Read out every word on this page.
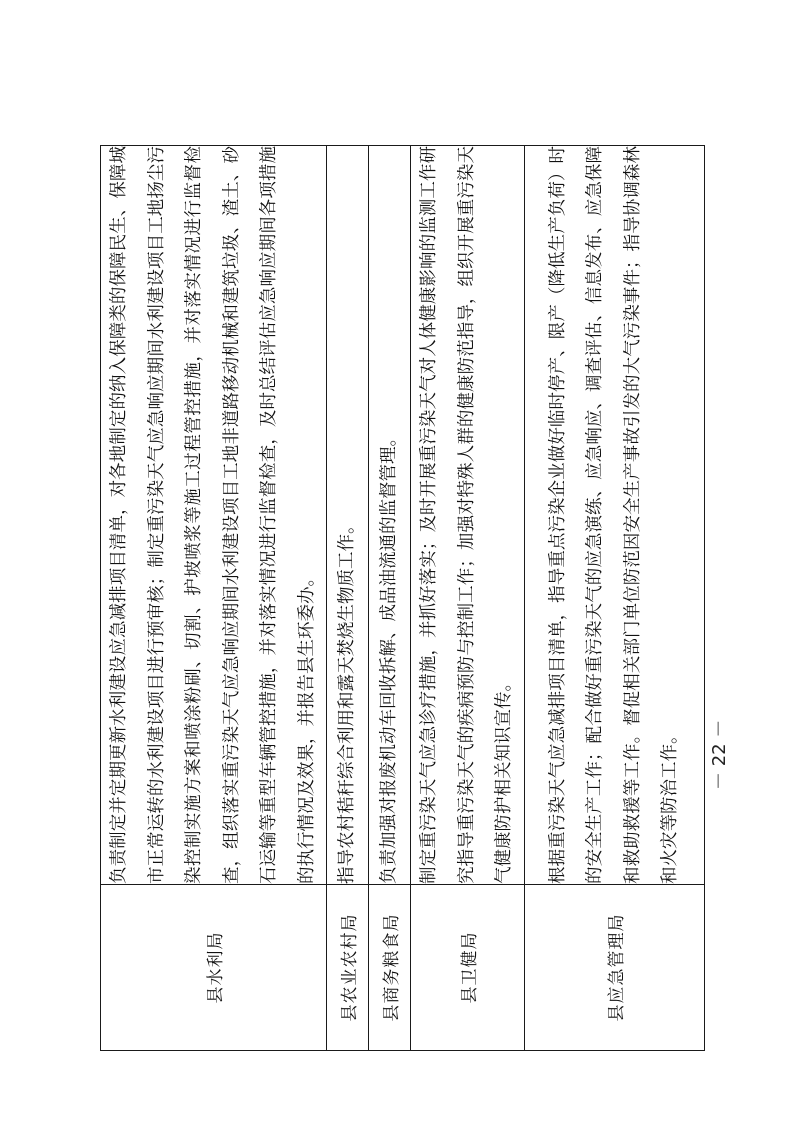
县水利局	负责制定并定期更新水利建设应急减排项目清单，对各地制定的纳入保障类的保障民生、保障城市正常运转的水利建设项目进行预审核；制定重污染天气应急响应期间水利建设项目工地扬尘污染控制实施方案和喷涂粉刷、切割、护坡喷浆等施工过程管控措施，并对落实情况进行监督检查，组织落实重污染天气应急响应期间水利建设项目工地非道路移动机械和建筑垃圾、渣土、砂石运输等重型车辆管控措施，并对落实情况进行监督检查，及时总结评估应急响应期间各项措施的执行情况及效果，并报告县生环委办。
县农业农村局	指导农村秸秆综合利用和露天焚烧生物质工作。
县商务粮食局	负责加强对报废机动车回收拆解、成品油流通的监督管理。
县卫健局	制定重污染天气应急诊疗措施，并抓好落实；及时开展重污染天气对人体健康影响的监测工作研究指导重污染天气的疾病预防与控制工作；加强对特殊人群的健康防范指导，组织开展重污染天气健康防护相关知识宣传。
县应急管理局	根据重污染天气应急减排项目清单，指导重点污染企业做好临时停产、限产（降低生产负荷）时的安全生产工作；配合做好重污染天气的应急演练、应急响应、调查评估、信息发布、应急保障和救助救援等工作。督促相关部门单位防范因安全生产事故引发的大气污染事件；指导协调森林和火灾等防治工作。	－ 22 －
